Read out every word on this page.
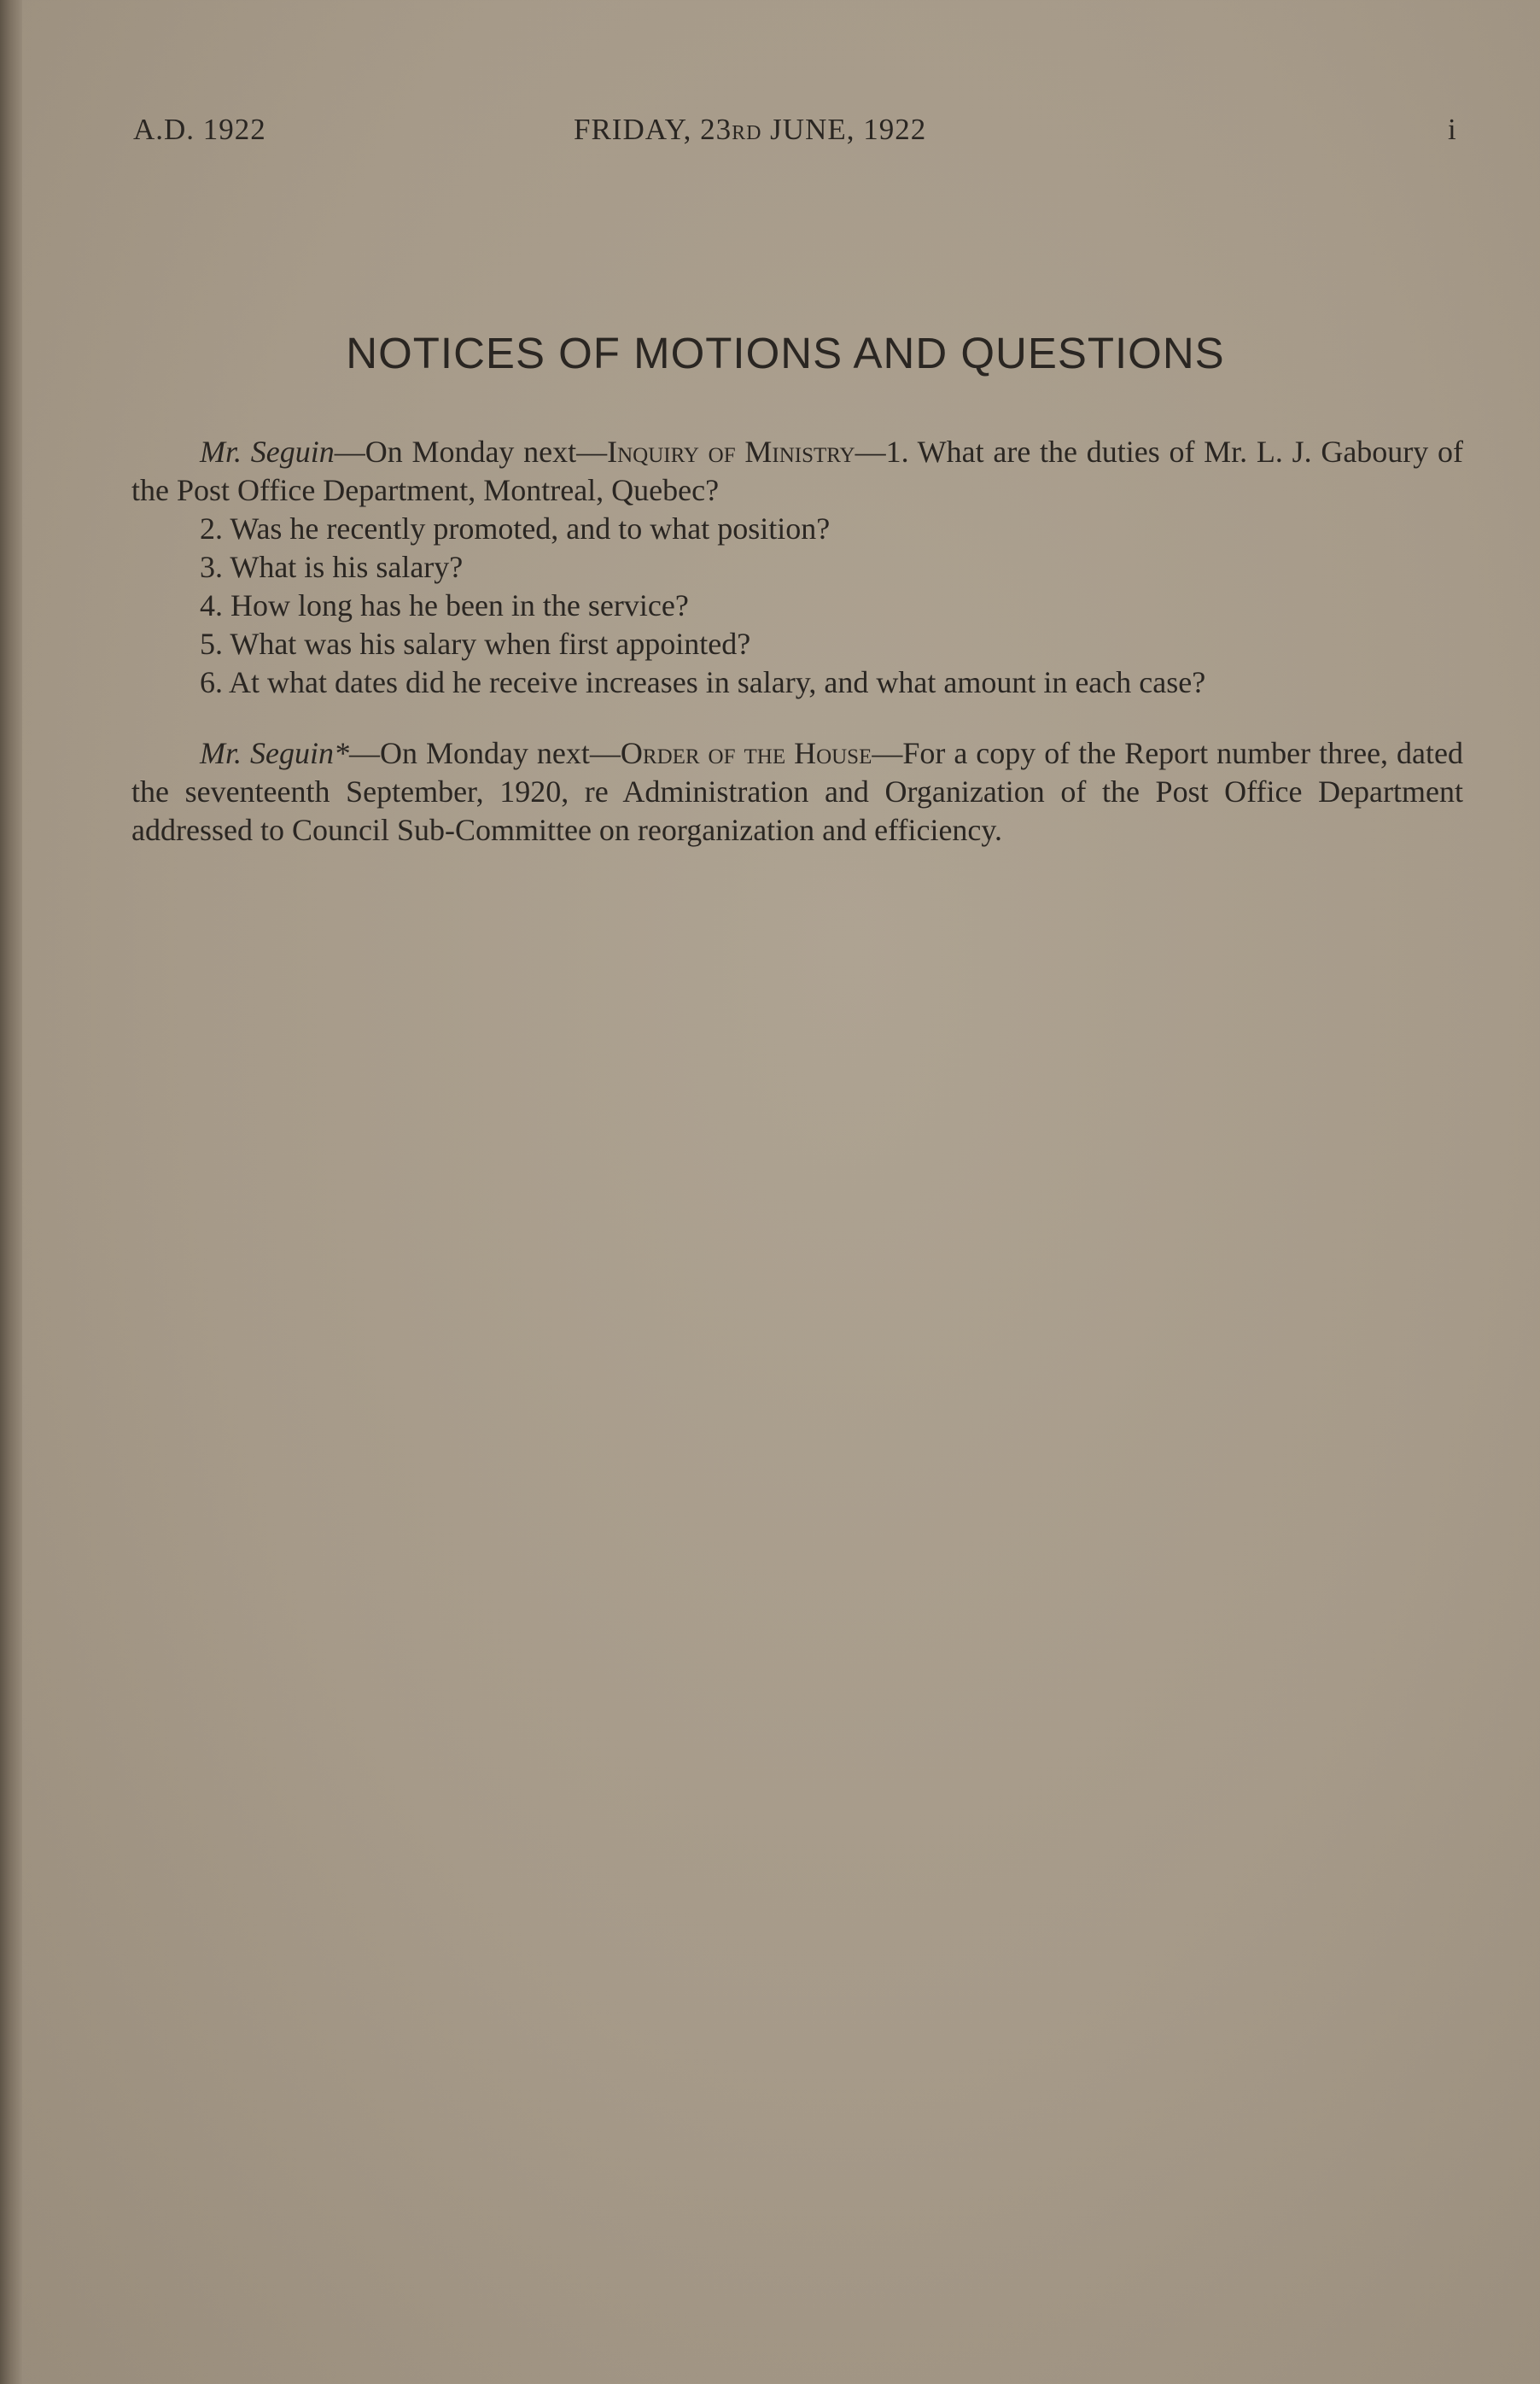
A.D. 1922	FRIDAY, 23RD JUNE, 1922	i
NOTICES OF MOTIONS AND QUESTIONS

Mr. Seguin—On Monday next—Inquiry of Ministry—1. What are the duties of Mr. L. J. Gaboury of the Post Office Department, Montreal, Quebec?

2. Was he recently promoted, and to what position?

3. What is his salary?

4. How long has he been in the service?

5. What was his salary when first appointed?

6. At what dates did he receive increases in salary, and what amount in each case?

Mr. Seguin*—On Monday next—Order of the House—For a copy of the Report number three, dated the seventeenth September, 1920, re Administration and Organization of the Post Office Department addressed to Council Sub-Committee on reorganization and efficiency.
